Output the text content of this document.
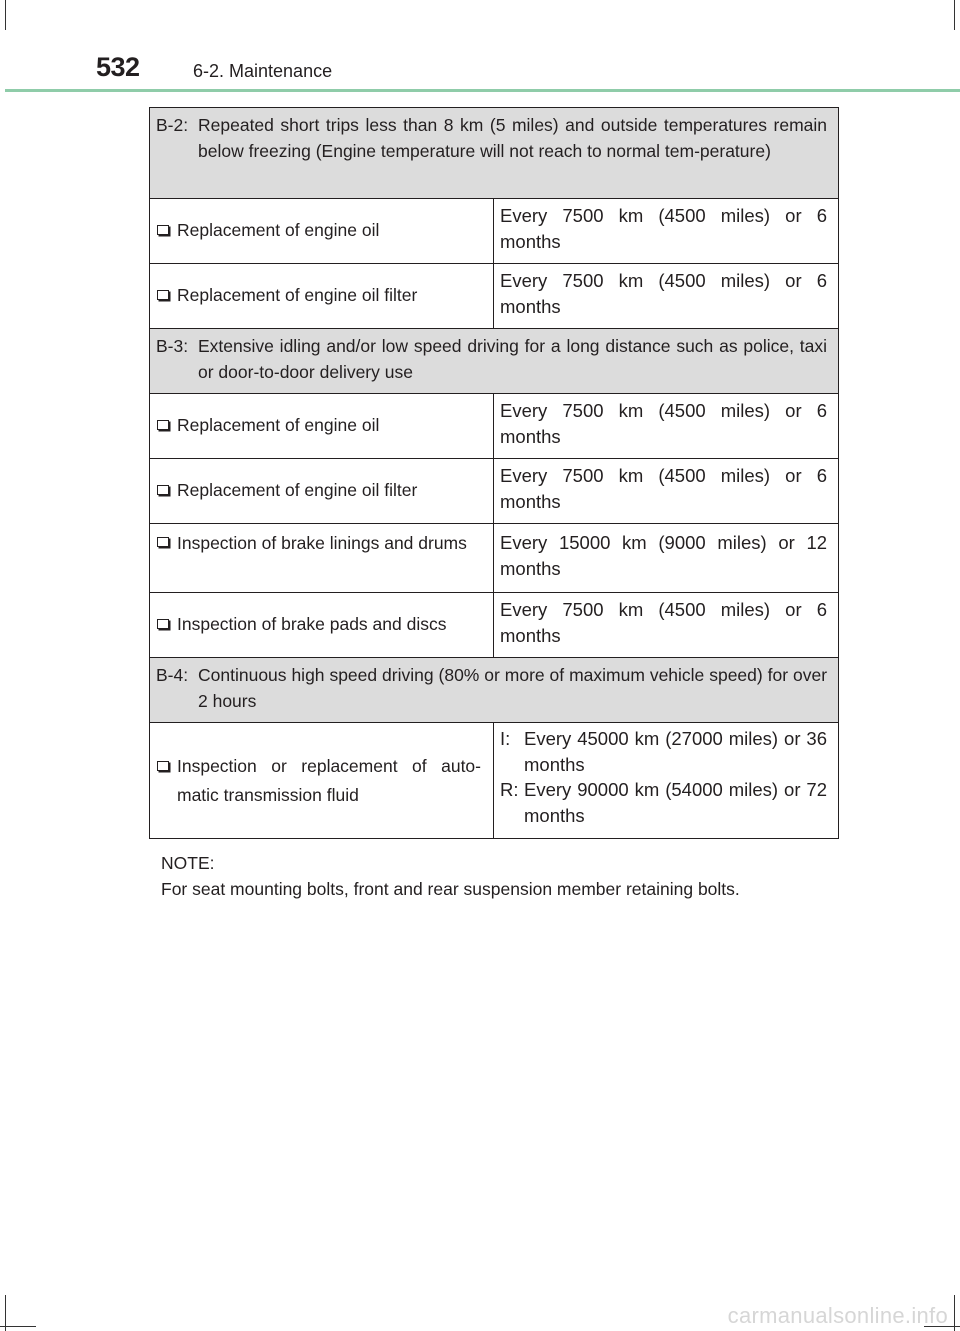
532	6-2. Maintenance
B-2: Repeated short trips less than 8 km (5 miles) and outside temperatures remain below freezing (Engine temperature will not reach to normal tem-perature)	

Replacement of engine oil	Every 7500 km (4500 miles) or 6 months

Replacement of engine oil filter	Every 7500 km (4500 miles) or 6 months

B-3: Extensive idling and/or low speed driving for a long distance such as police, taxi or door-to-door delivery use	

Replacement of engine oil	Every 7500 km (4500 miles) or 6 months

Replacement of engine oil filter	Every 7500 km (4500 miles) or 6 months

Inspection of brake linings and drums	Every 15000 km (9000 miles) or 12 months

Inspection of brake pads and discs	Every 7500 km (4500 miles) or 6 months

B-4: Continuous high speed driving (80% or more of maximum vehicle speed) for over 2 hours	

Inspection or replacement of auto-matic transmission fluid	I: Every 45000 km (27000 miles) or 36 months
R: Every 90000 km (54000 miles) or 72 months
NOTE:
For seat mounting bolts, front and rear suspension member retaining bolts.
carmanualsonline.info
